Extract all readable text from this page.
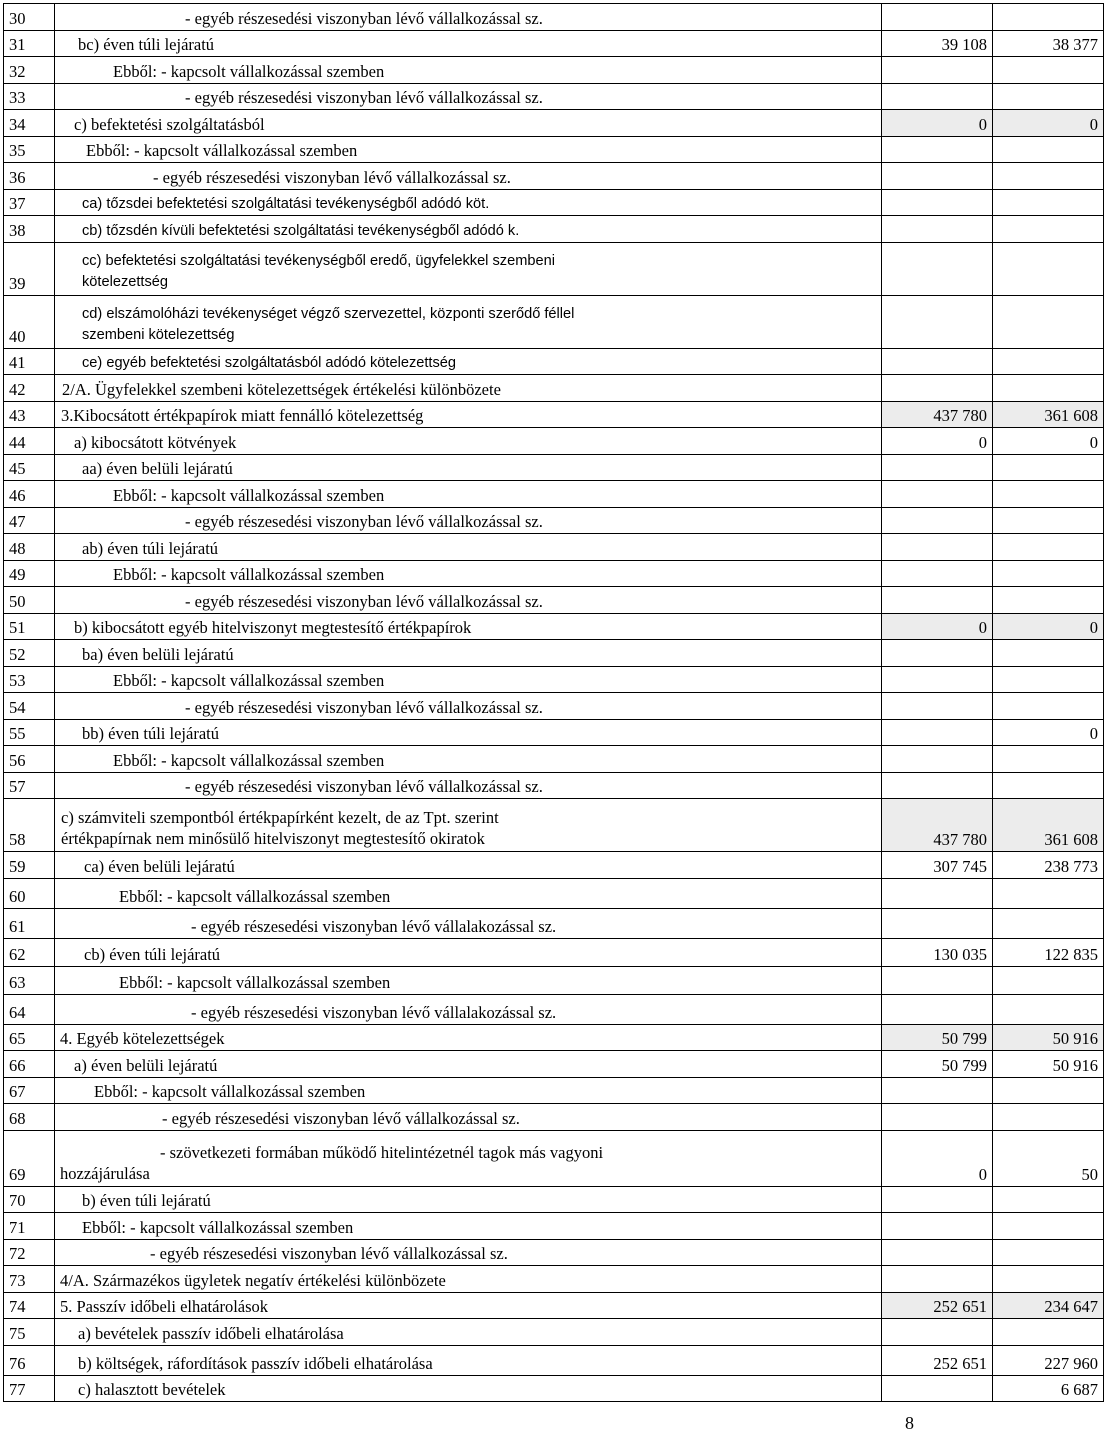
30	- egyéb részesedési viszonyban lévő vállalkozással sz.		
31	bc) éven túli lejáratú	39 108	38 377
32	Ebből: - kapcsolt vállalkozással szemben		
33	- egyéb részesedési viszonyban lévő vállalkozással sz.		
34	c) befektetési szolgáltatásból	0	0
35	Ebből: - kapcsolt vállalkozással szemben		
36	- egyéb részesedési viszonyban lévő vállalkozással sz.		
37	ca) tőzsdei befektetési szolgáltatási tevékenységből adódó köt.		
38	cb) tőzsdén kívüli befektetési szolgáltatási tevékenységből adódó k.		
39	cc) befektetési szolgáltatási tevékenységből eredő, ügyfelekkel szembeni
kötelezettség		

40	cd) elszámolóházi tevékenységet végző szervezettel, központi szerődő féllel
szembeni kötelezettség		

41	ce) egyéb befektetési szolgáltatásból adódó kötelezettség		
42	2/A. Ügyfelekkel szembeni kötelezettségek értékelési különbözete		
43	3.Kibocsátott értékpapírok miatt fennálló kötelezettség	437 780	361 608
44	a) kibocsátott kötvények	0	0
45	aa) éven belüli lejáratú		
46	Ebből: - kapcsolt vállalkozással szemben		
47	- egyéb részesedési viszonyban lévő vállalkozással sz.		
48	ab) éven túli lejáratú		
49	Ebből: - kapcsolt vállalkozással szemben		
50	- egyéb részesedési viszonyban lévő vállalkozással sz.		
51	b) kibocsátott egyéb hitelviszonyt megtestesítő értékpapírok	0	0
52	ba) éven belüli lejáratú		
53	Ebből: - kapcsolt vállalkozással szemben		
54	- egyéb részesedési viszonyban lévő vállalkozással sz.		
55	bb) éven túli lejáratú		0
56	Ebből: - kapcsolt vállalkozással szemben		
57	- egyéb részesedési viszonyban lévő vállalkozással sz.		
58	c) számviteli szempontból értékpapírként kezelt, de az Tpt. szerint
értékpapírnak nem minősülő hitelviszonyt megtestesítő okiratok	437 780	361 608
59	ca) éven belüli lejáratú	307 745	238 773
60	Ebből: - kapcsolt vállalkozással szemben		
61	- egyéb részesedési viszonyban lévő vállalakozással sz.		
62	cb) éven túli lejáratú	130 035	122 835
63	Ebből: - kapcsolt vállalkozással szemben		
64	- egyéb részesedési viszonyban lévő vállalakozással sz.		
65	4. Egyéb kötelezettségek	50 799	50 916
66	a) éven belüli lejáratú	50 799	50 916
67	Ebből: - kapcsolt vállalkozással szemben		
68	- egyéb részesedési viszonyban lévő vállalkozással sz.		
69	- szövetkezeti formában működő hitelintézetnél tagok más vagyoni
hozzájárulása	0	50
70	b) éven túli lejáratú		
71	Ebből: - kapcsolt vállalkozással szemben		
72	- egyéb részesedési viszonyban lévő vállalkozással sz.		
73	4/A. Származékos ügyletek negatív értékelési különbözete		
74	5. Passzív időbeli elhatárolások	252 651	234 647
75	a) bevételek passzív időbeli elhatárolása		
76	b) költségek, ráfordítások passzív időbeli elhatárolása	252 651	227 960
77	c) halasztott bevételek		6 687
8
